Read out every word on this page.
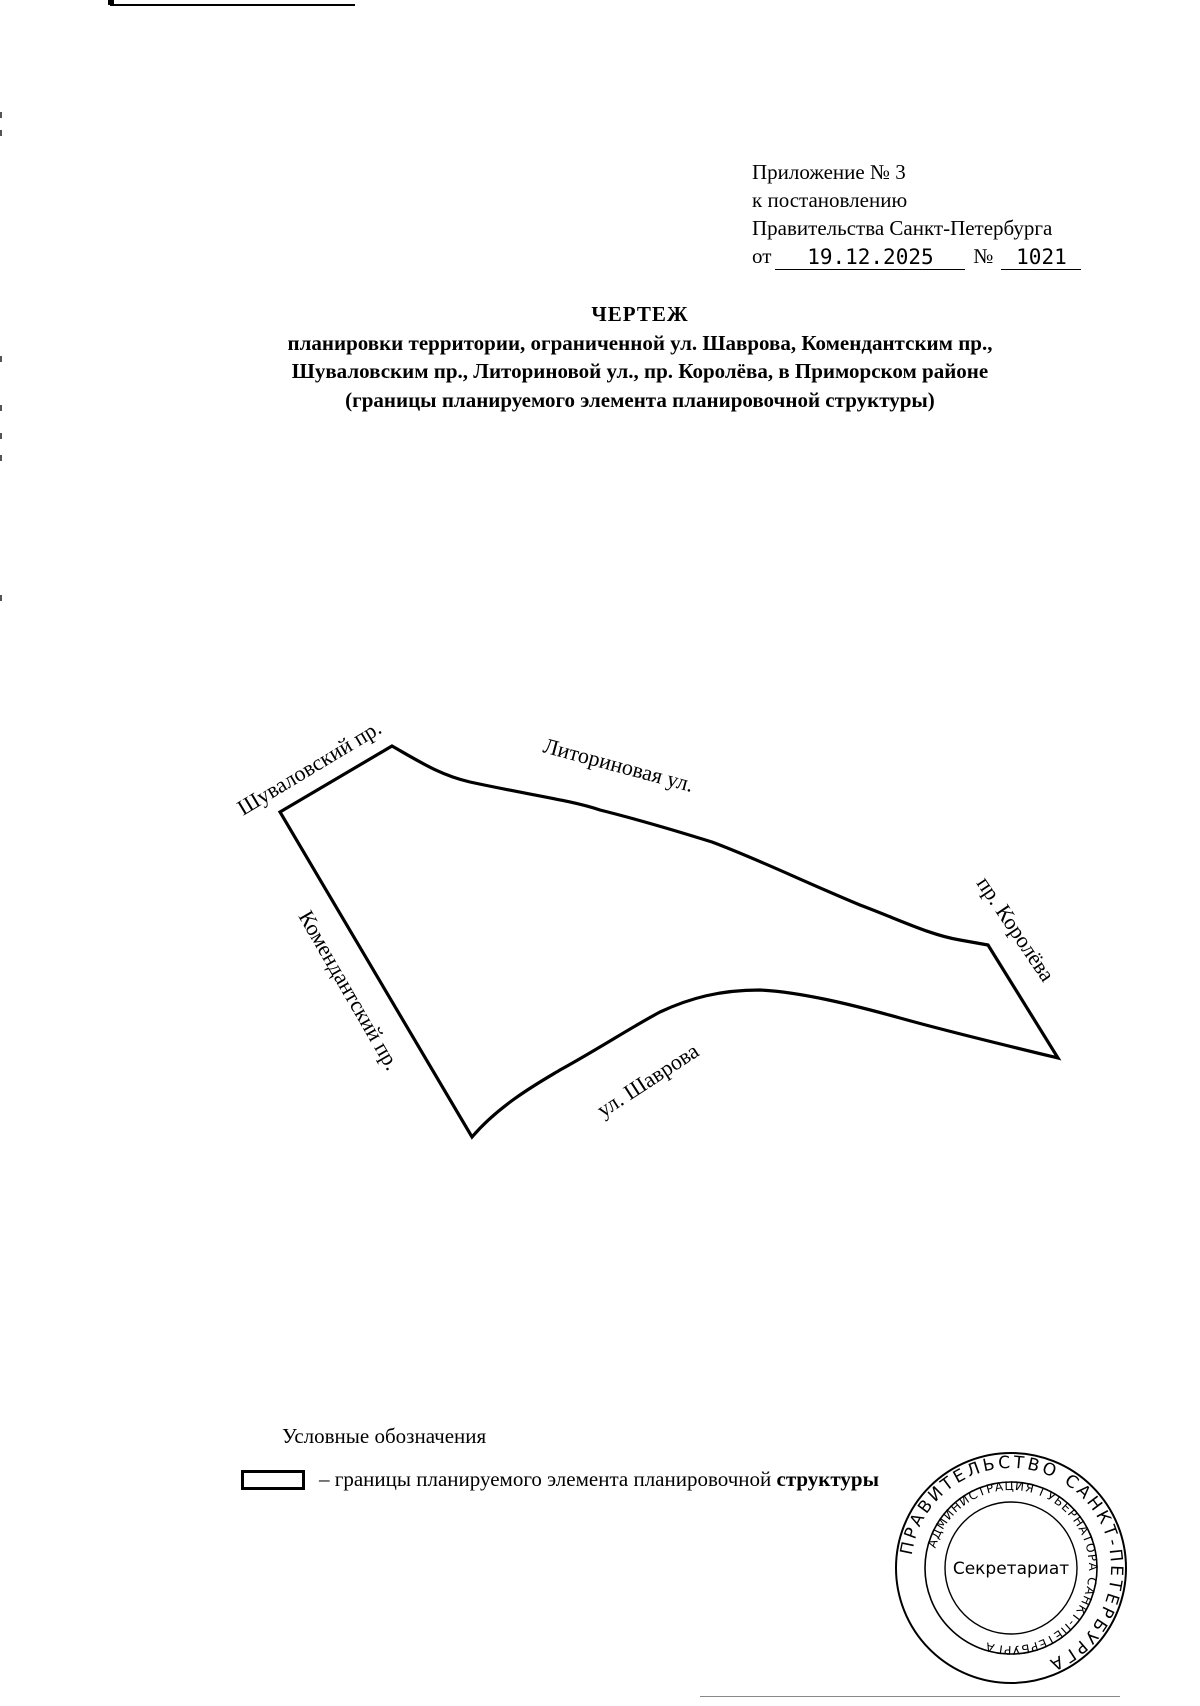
Приложение № 3
к постановлению
Правительства Санкт-Петербурга
от	19.12.2025	№	1021
ЧЕРТЕЖ
планировки территории, ограниченной ул. Шаврова, Комендантским пр.,
Шуваловским пр., Литориновой ул., пр. Королёва, в Приморском районе
(границы планируемого элемента планировочной структуры)
Шуваловский пр.	Литориновая ул.
пр. Королёва
Комендантский пр.
ул. Шаврова
Условные обозначения
– границы планируемого элемента планировочной структуры
ПРАВИТЕЛЬСТВО САНКТ-ПЕТЕРБУРГА
АДМИНИСТРАЦИЯ ГУБЕРНАТОРА САНКТ-ПЕТЕРБУРГА
Секретариат
